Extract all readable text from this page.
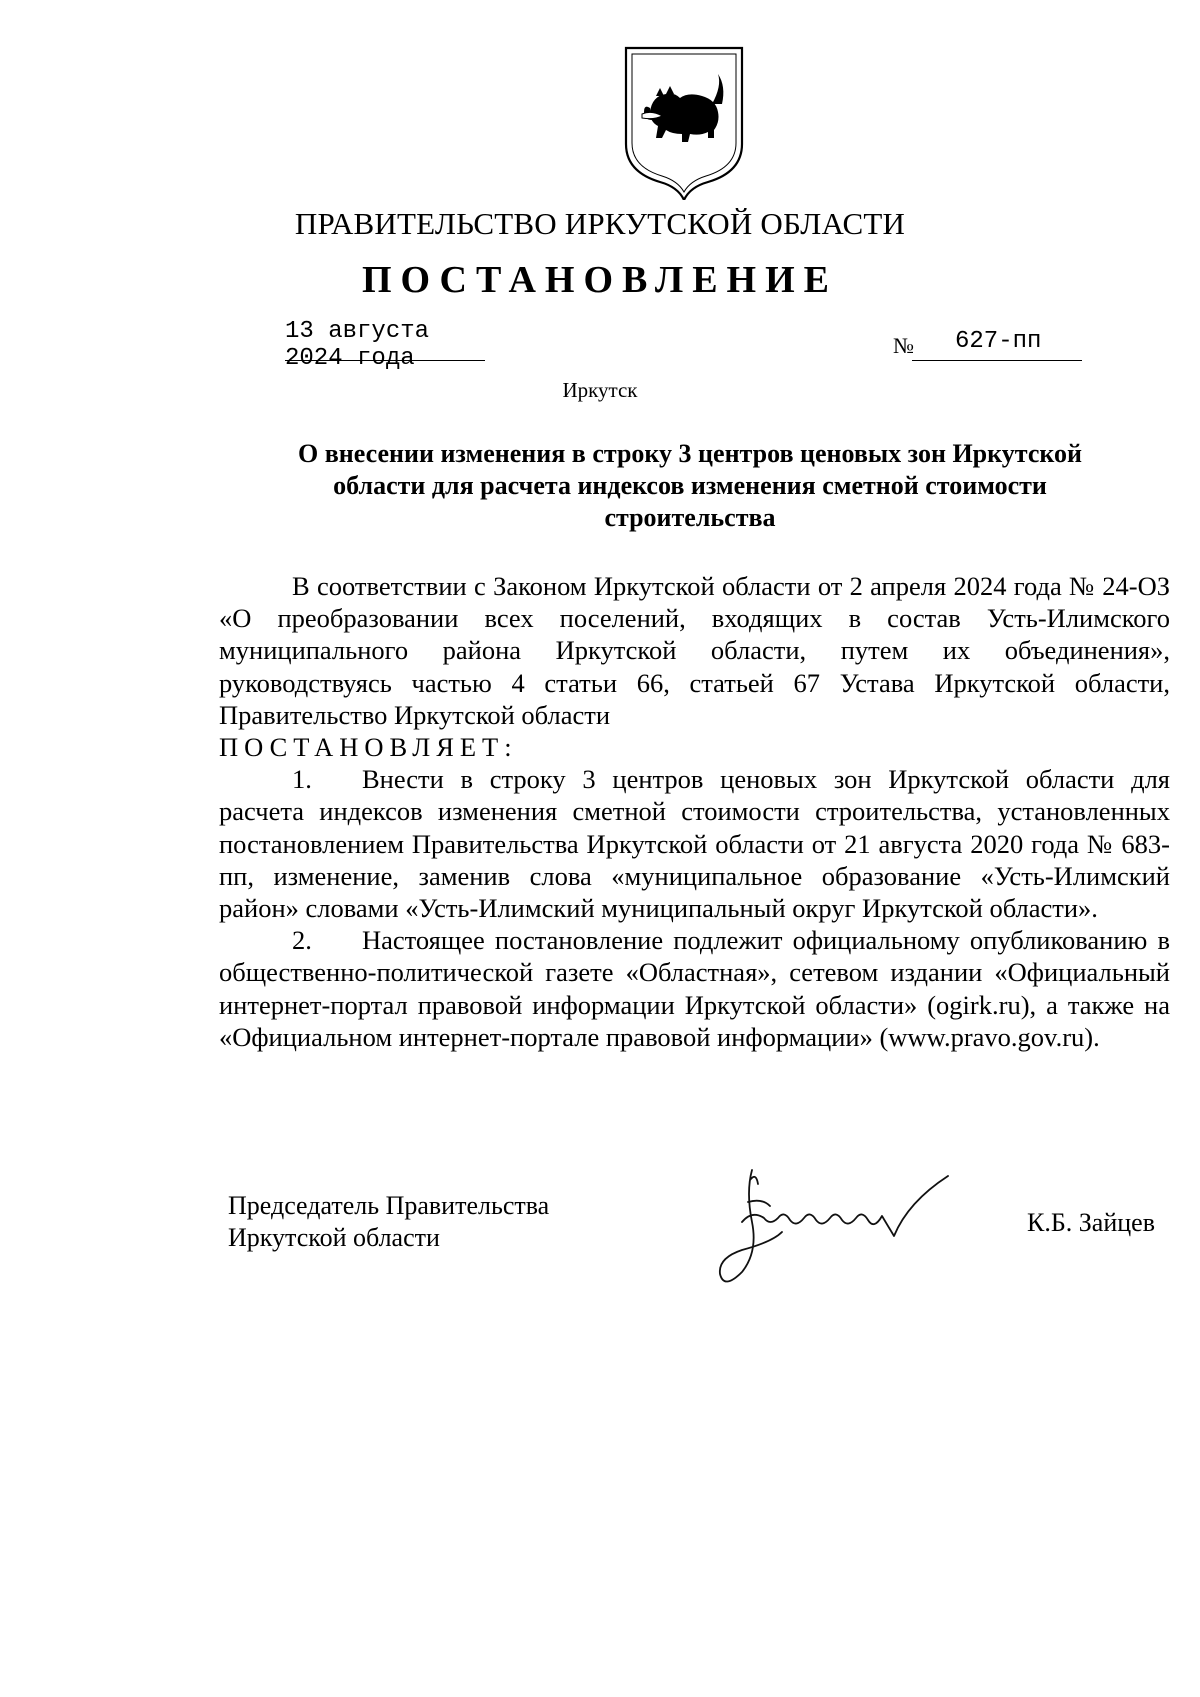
ПРАВИТЕЛЬСТВО ИРКУТСКОЙ ОБЛАСТИ
ПОСТАНОВЛЕНИЕ
13 августа 2024 года	№ 627-пп
Иркутск
О внесении изменения в строку 3 центров ценовых зон Иркутской
области для расчета индексов изменения сметной стоимости
строительства

В соответствии с Законом Иркутской области от 2 апреля 2024 года № 24-ОЗ «О преобразовании всех поселений, входящих в состав Усть-Илимского муниципального района Иркутской области, путем их объединения», руководствуясь частью 4 статьи 66, статьей 67 Устава Иркутской области, Правительство Иркутской области

ПОСТАНОВЛЯЕТ:

1. Внести в строку 3 центров ценовых зон Иркутской области для расчета индексов изменения сметной стоимости строительства, установленных постановлением Правительства Иркутской области от 21 августа 2020 года № 683-пп, изменение, заменив слова «муниципальное образование «Усть-Илимский район» словами «Усть-Илимский муниципальный округ Иркутской области».

2. Настоящее постановление подлежит официальному опубликованию в общественно-политической газете «Областная», сетевом издании «Официальный интернет-портал правовой информации Иркутской области» (ogirk.ru), а также на «Официальном интернет-портале правовой информации» (www.pravo.gov.ru).

Председатель Правительства
Иркутской области
К.Б. Зайцев
